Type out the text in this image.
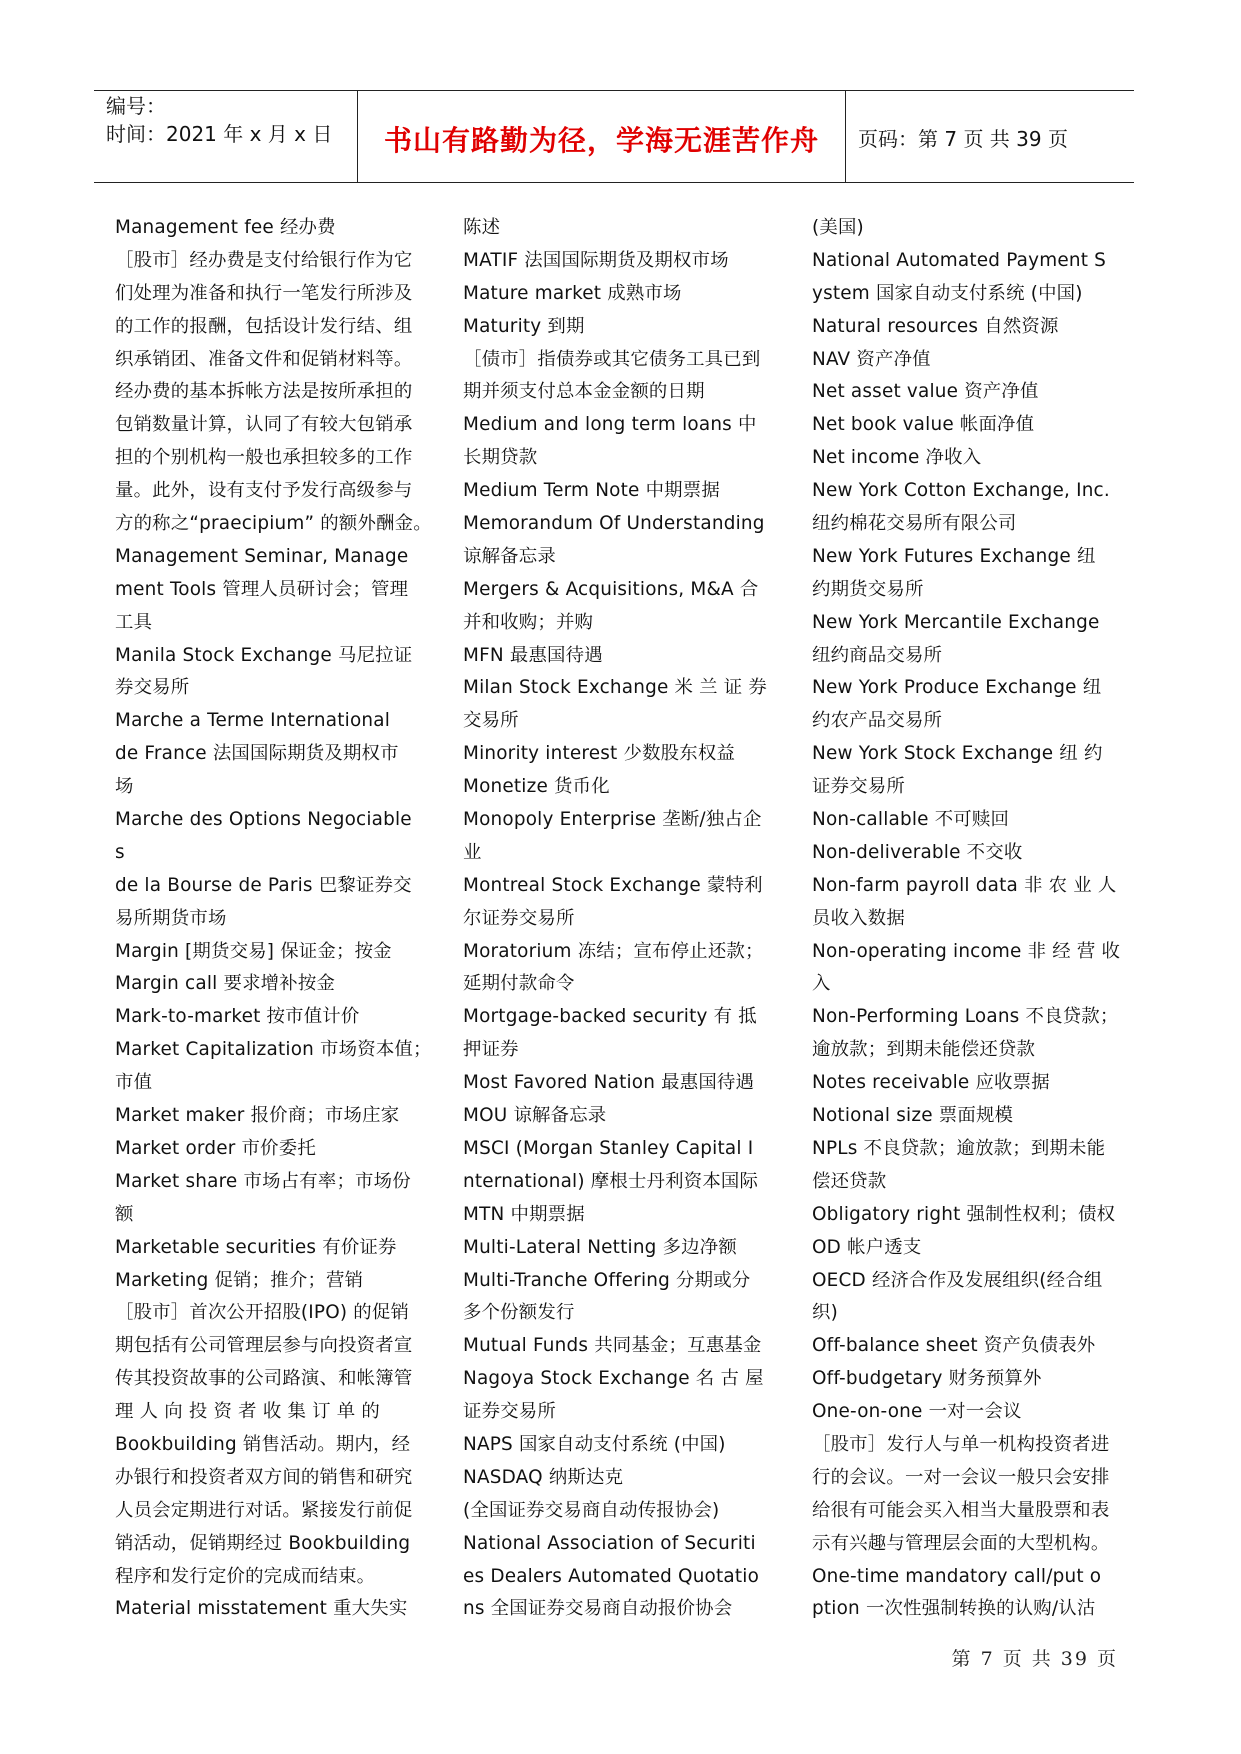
编号：
时间：2021 年 x 月 x 日	书山有路勤为径，学海无涯苦作舟	页码：第 7 页 共 39 页
Management fee 经办费
［股市］经办费是支付给银行作为它
们处理为准备和执行一笔发行所涉及
的工作的报酬，包括设计发行结、组
织承销团、准备文件和促销材料等。
经办费的基本拆帐方法是按所承担的
包销数量计算，认同了有较大包销承
担的个别机构一般也承担较多的工作
量。此外，设有支付予发行高级参与
方的称之“praecipium” 的额外酬金。
Management Seminar, Manage
ment Tools 管理人员研讨会；管理
工具
Manila Stock Exchange 马尼拉证
券交易所
Marche a Terme International
de France 法国国际期货及期权市
场
Marche des Options Negociable
s
de la Bourse de Paris 巴黎证券交
易所期货市场
Margin [期货交易] 保证金；按金
Margin call 要求增补按金
Mark-to-market 按市值计价
Market Capitalization 市场资本值；
市值
Market maker 报价商；市场庄家
Market order 市价委托
Market share 市场占有率；市场份
额
Marketable securities 有价证券
Marketing 促销；推介；营销
［股市］首次公开招股(IPO) 的促销
期包括有公司管理层参与向投资者宣
传其投资故事的公司路演、和帐簿管
理 人 向 投 资 者 收 集 订 单 的
Bookbuilding 销售活动。期内，经
办银行和投资者双方间的销售和研究
人员会定期进行对话。紧接发行前促
销活动，促销期经过 Bookbuilding
程序和发行定价的完成而结束。
Material misstatement 重大失实
陈述
MATIF 法国国际期货及期权市场
Mature market 成熟市场
Maturity 到期
［债市］指债券或其它债务工具已到
期并须支付总本金金额的日期
Medium and long term loans 中
长期贷款
Medium Term Note 中期票据
Memorandum Of Understanding
谅解备忘录
Mergers & Acquisitions, M&A 合
并和收购；并购
MFN 最惠国待遇
Milan Stock Exchange 米 兰 证 券
交易所
Minority interest 少数股东权益
Monetize 货币化
Monopoly Enterprise 垄断/独占企
业
Montreal Stock Exchange 蒙特利
尔证券交易所
Moratorium 冻结；宣布停止还款；
延期付款命令
Mortgage-backed security 有 抵
押证券
Most Favored Nation 最惠国待遇
MOU 谅解备忘录
MSCI (Morgan Stanley Capital I
nternational) 摩根士丹利资本国际
MTN 中期票据
Multi-Lateral Netting 多边净额
Multi-Tranche Offering 分期或分
多个份额发行
Mutual Funds 共同基金；互惠基金
Nagoya Stock Exchange 名 古 屋
证券交易所
NAPS 国家自动支付系统 (中国)
NASDAQ 纳斯达克
(全国证券交易商自动传报协会)
National Association of Securiti
es Dealers Automated Quotatio
ns 全国证券交易商自动报价协会
(美国)
National Automated Payment S
ystem 国家自动支付系统 (中国)
Natural resources 自然资源
NAV 资产净值
Net asset value 资产净值
Net book value 帐面净值
Net income 净收入
New York Cotton Exchange, Inc.
纽约棉花交易所有限公司
New York Futures Exchange 纽
约期货交易所
New York Mercantile Exchange
纽约商品交易所
New York Produce Exchange 纽
约农产品交易所
New York Stock Exchange 纽 约
证券交易所
Non-callable 不可赎回
Non-deliverable 不交收
Non-farm payroll data 非 农 业 人
员收入数据
Non-operating income 非 经 营 收
入
Non-Performing Loans 不良贷款；
逾放款；到期未能偿还贷款
Notes receivable 应收票据
Notional size 票面规模
NPLs 不良贷款；逾放款；到期未能
偿还贷款
Obligatory right 强制性权利；债权
OD 帐户透支
OECD 经济合作及发展组织(经合组
织)
Off-balance sheet 资产负债表外
Off-budgetary 财务预算外
One-on-one 一对一会议
［股市］发行人与单一机构投资者进
行的会议。一对一会议一般只会安排
给很有可能会买入相当大量股票和表
示有兴趣与管理层会面的大型机构。
One-time mandatory call/put o
ption 一次性强制转换的认购/认沽
第 7 页 共 39 页
